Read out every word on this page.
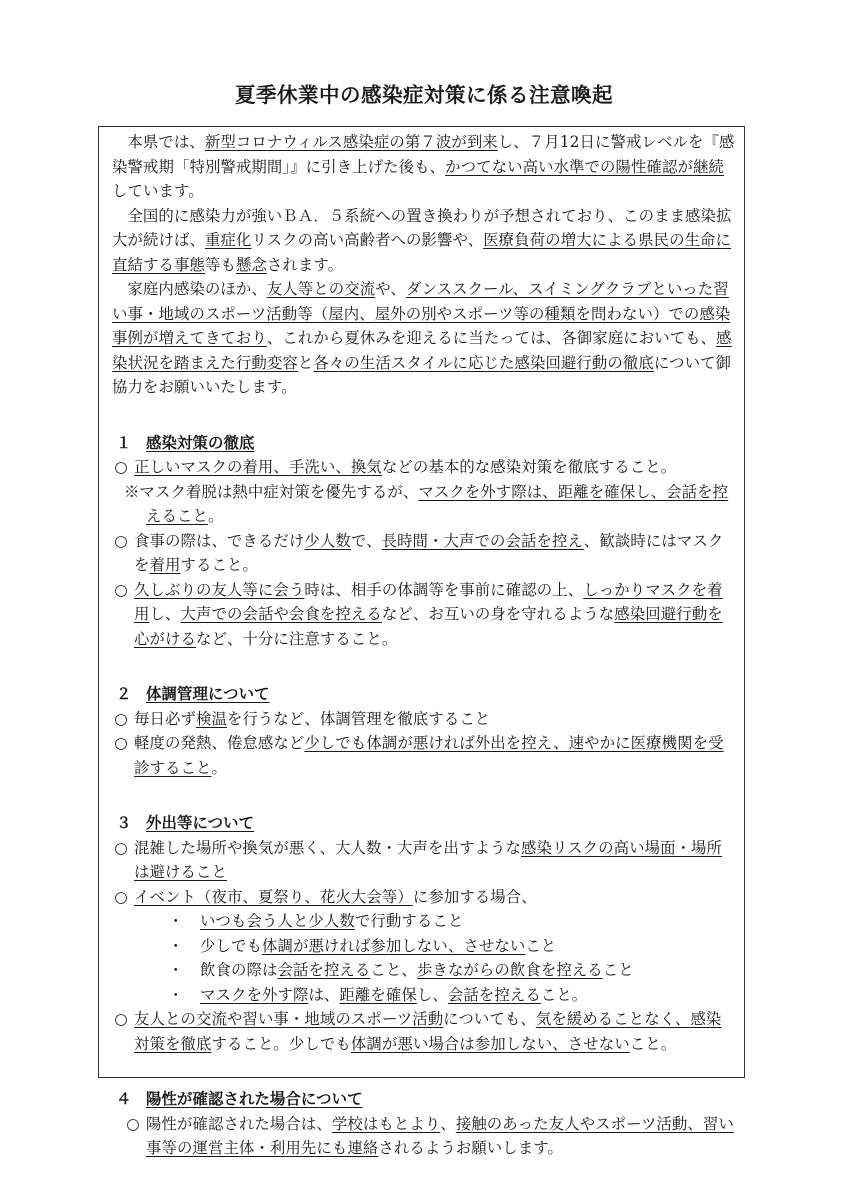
夏季休業中の感染症対策に係る注意喚起

本県では、新型コロナウィルス感染症の第７波が到来し、７月12日に警戒レベルを『感染警戒期「特別警戒期間」』に引き上げた後も、かつてない高い水準での陽性確認が継続しています。

全国的に感染力が強いＢＡ．５系統への置き換わりが予想されており、このまま感染拡大が続けば、重症化リスクの高い高齢者への影響や、医療負荷の増大による県民の生命に直結する事態等も懸念されます。

家庭内感染のほか、友人等との交流や、ダンススクール、スイミングクラブといった習い事・地域のスポーツ活動等（屋内、屋外の別やスポーツ等の種類を問わない）での感染事例が増えてきており、これから夏休みを迎えるに当たっては、各御家庭においても、感染状況を踏まえた行動変容と各々の生活スタイルに応じた感染回避行動の徹底について御協力をお願いいたします。

１ 感染対策の徹底
○ 正しいマスクの着用、手洗い、換気などの基本的な感染対策を徹底すること。

※マスク着脱は熱中症対策を優先するが、マスクを外す際は、距離を確保し、会話を控えること。

○ 食事の際は、できるだけ少人数で、長時間・大声での会話を控え、歓談時にはマスクを着用すること。
○ 久しぶりの友人等に会う時は、相手の体調等を事前に確認の上、しっかりマスクを着用し、大声での会話や会食を控えるなど、お互いの身を守れるような感染回避行動を心がけるなど、十分に注意すること。
２ 体調管理について
○ 毎日必ず検温を行うなど、体調管理を徹底すること
○ 軽度の発熱、倦怠感など少しでも体調が悪ければ外出を控え、速やかに医療機関を受診すること。
３ 外出等について
○ 混雑した場所や換気が悪く、大人数・大声を出すような感染リスクの高い場面・場所は避けること
○ イベント（夜市、夏祭り、花火大会等）に参加する場合、
・ いつも会う人と少人数で行動すること
・ 少しでも体調が悪ければ参加しない、させないこと
・ 飲食の際は会話を控えること、歩きながらの飲食を控えること
・ マスクを外す際は、距離を確保し、会話を控えること。
○ 友人との交流や習い事・地域のスポーツ活動についても、気を緩めることなく、感染対策を徹底すること。少しでも体調が悪い場合は参加しない、させないこと。
４ 陽性が確認された場合について
○ 陽性が確認された場合は、学校はもとより、接触のあった友人やスポーツ活動、習い事等の運営主体・利用先にも連絡されるようお願いします。
